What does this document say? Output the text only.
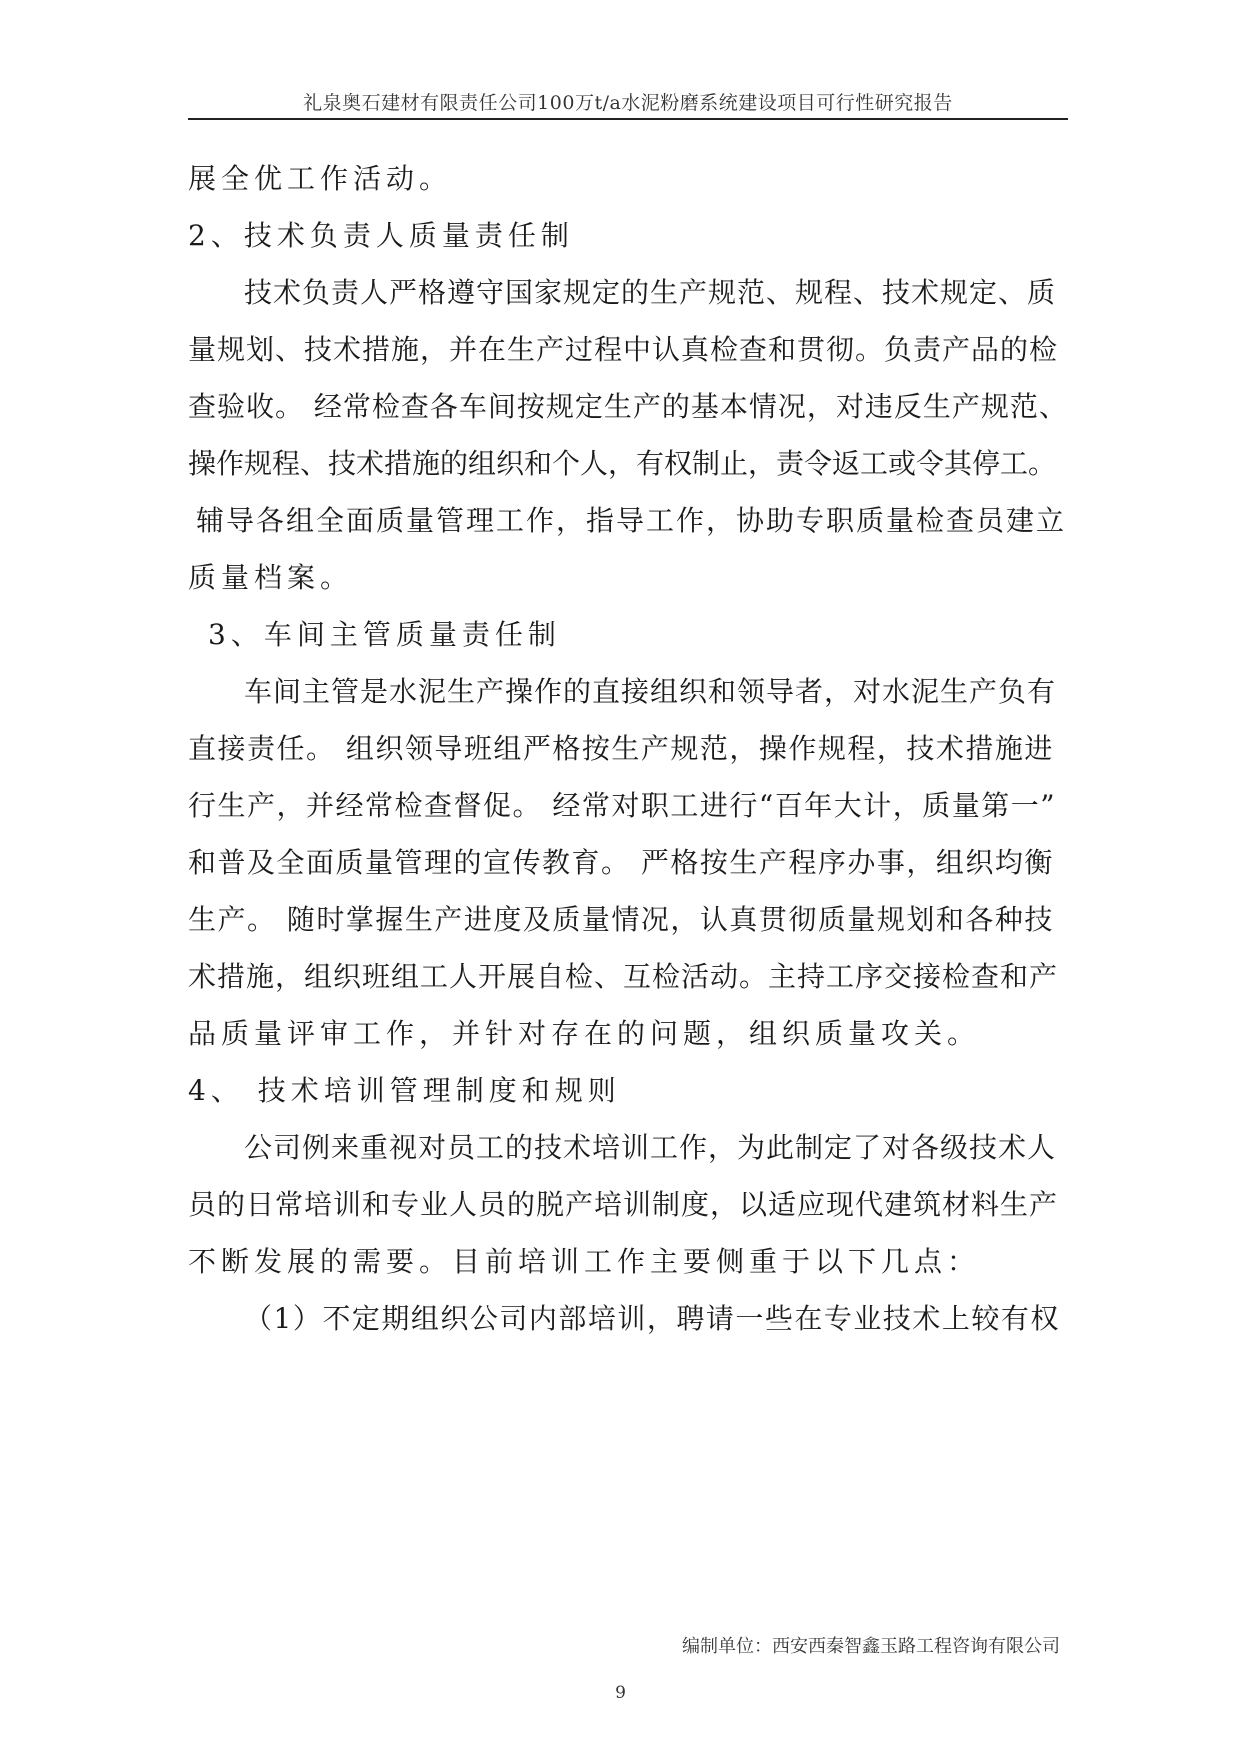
礼泉奥石建材有限责任公司100万t/a水泥粉磨系统建设项目可行性研究报告
展全优工作活动。
2、技术负责人质量责任制
技术负责人严格遵守国家规定的生产规范、规程、技术规定、质
量规划、技术措施，并在生产过程中认真检查和贯彻。负责产品的检
查验收。 经常检查各车间按规定生产的基本情况，对违反生产规范、
操作规程、技术措施的组织和个人，有权制止，责令返工或令其停工。
辅导各组全面质量管理工作，指导工作，协助专职质量检查员建立
质量档案。
3、车间主管质量责任制
车间主管是水泥生产操作的直接组织和领导者，对水泥生产负有
直接责任。 组织领导班组严格按生产规范，操作规程，技术措施进
行生产，并经常检查督促。 经常对职工进行“百年大计，质量第一”
和普及全面质量管理的宣传教育。 严格按生产程序办事，组织均衡
生产。 随时掌握生产进度及质量情况，认真贯彻质量规划和各种技
术措施，组织班组工人开展自检、互检活动。主持工序交接检查和产
品质量评审工作，并针对存在的问题，组织质量攻关。
4、 技术培训管理制度和规则
公司例来重视对员工的技术培训工作，为此制定了对各级技术人
员的日常培训和专业人员的脱产培训制度，以适应现代建筑材料生产
不断发展的需要。目前培训工作主要侧重于以下几点：
（1）不定期组织公司内部培训，聘请一些在专业技术上较有权
编制单位：西安西秦智鑫玉路工程咨询有限公司
9
